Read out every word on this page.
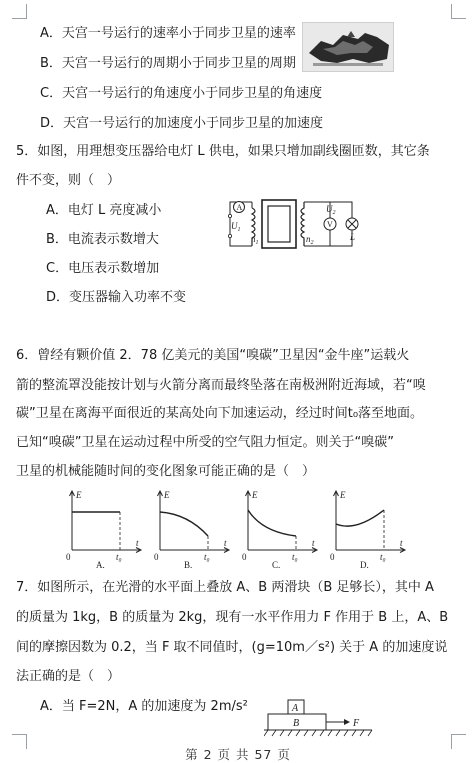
A．天宫一号运行的速率小于同步卫星的速率
B．天宫一号运行的周期小于同步卫星的周期
C．天宫一号运行的角速度小于同步卫星的角速度
D．天宫一号运行的加速度小于同步卫星的加速度
5．如图，用理想变压器给电灯 L 供电，如果只增加副线圈匝数，其它条
件不变，则（　）
A．电灯 L 亮度减小
B．电流表示数增大
C．电压表示数增加
D．变压器输入功率不变
A
$U_1$
$n_1$	$n_2$
V
$U_2$
L
6．曾经有颗价值 2．78 亿美元的美国“嗅碳”卫星因“金牛座”运载火
箭的整流罩没能按计划与火箭分离而最终坠落在南极洲附近海域，若“嗅
碳”卫星在离海平面很近的某高处向下加速运动，经过时间t₀落至地面。
已知“嗅碳”卫星在运动过程中所受的空气阻力恒定。则关于“嗅碳”
卫星的机械能随时间的变化图象可能正确的是（　）
E
t
0	t₀
A.
E
t
0	t₀
B.
E
t
0	t₀
C.
E
t
0	t₀
D.
7．如图所示，在光滑的水平面上叠放 A、B 两滑块（B 足够长），其中 A
的质量为 1kg，B 的质量为 2kg，现有一水平作用力 F 作用于 B 上，A、B
间的摩擦因数为 0.2，当 F 取不同值时，(g=10m／s²) 关于 A 的加速度说
法正确的是（　）
A．当 F=2N，A 的加速度为 2m/s²	A
B	F
第 2 页 共 57 页
